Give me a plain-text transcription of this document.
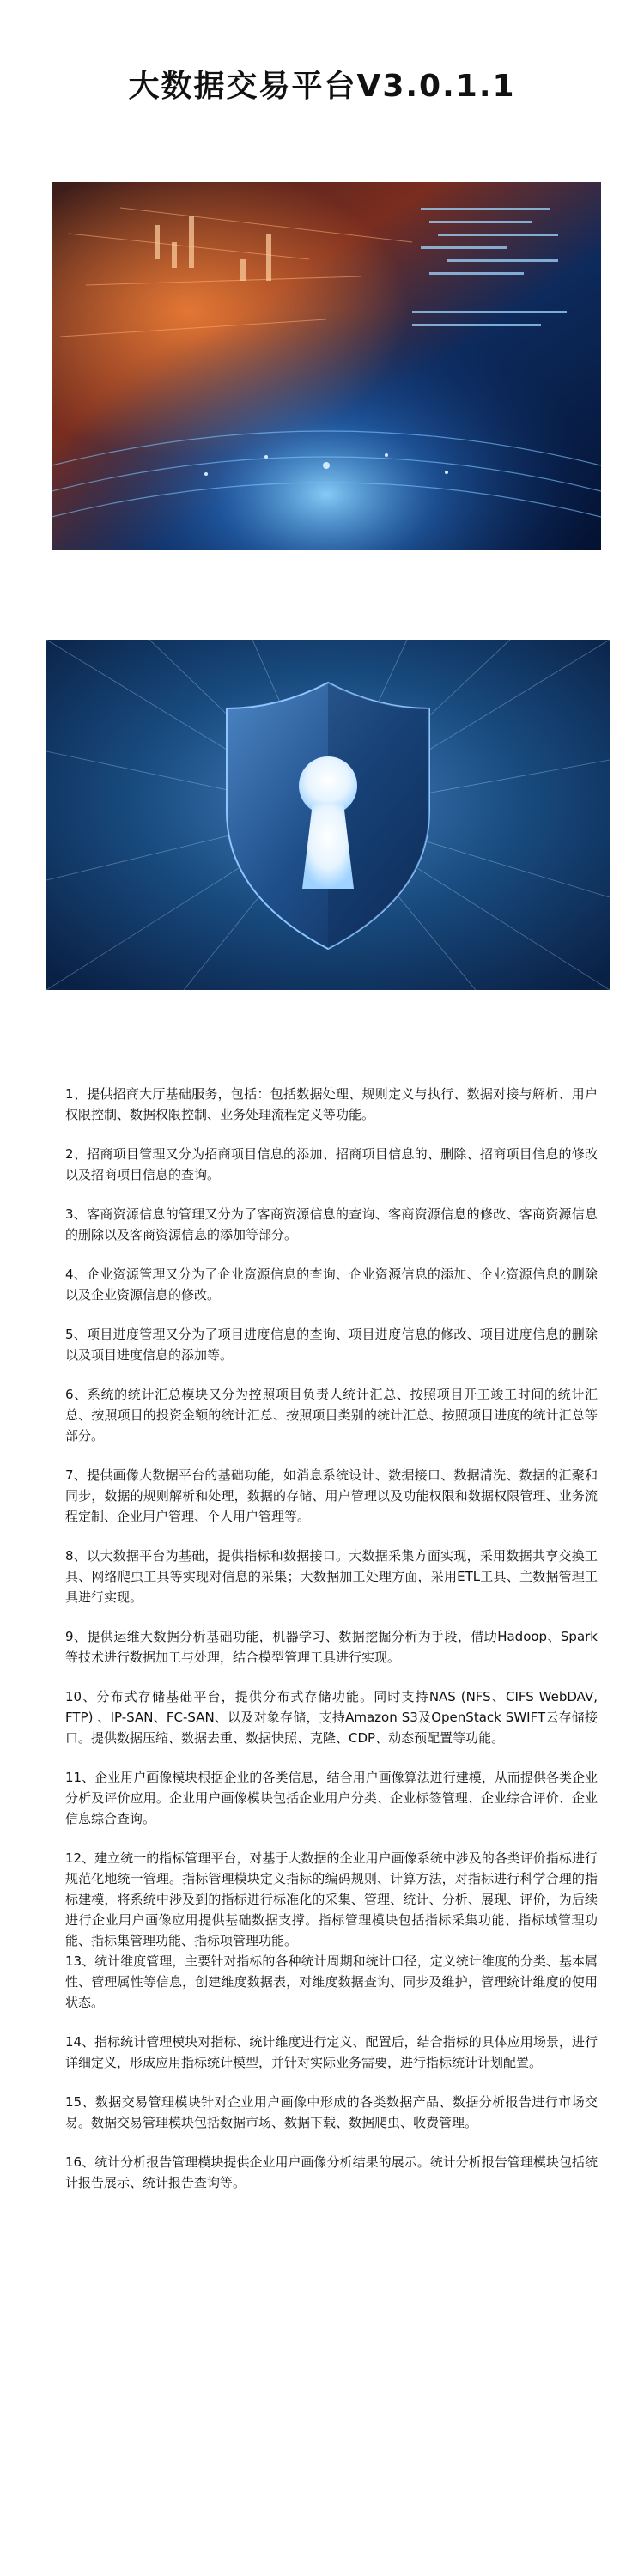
大数据交易平台V3.0.1.1

1、提供招商大厅基础服务，包括：包括数据处理、规则定义与执行、数据对接与解析、用户权限控制、数据权限控制、业务处理流程定义等功能。

2、招商项目管理又分为招商项目信息的添加、招商项目信息的、删除、招商项目信息的修改以及招商项目信息的查询。

3、客商资源信息的管理又分为了客商资源信息的查询、客商资源信息的修改、客商资源信息的删除以及客商资源信息的添加等部分。

4、企业资源管理又分为了企业资源信息的查询、企业资源信息的添加、企业资源信息的删除以及企业资源信息的修改。

5、项目进度管理又分为了项目进度信息的查询、项目进度信息的修改、项目进度信息的删除以及项目进度信息的添加等。

6、系统的统计汇总模块又分为控照项目负责人统计汇总、按照项目开工竣工时间的统计汇总、按照项目的投资金额的统计汇总、按照项目类别的统计汇总、按照项目进度的统计汇总等部分。

7、提供画像大数据平台的基础功能，如消息系统设计、数据接口、数据清洗、数据的汇聚和同步，数据的规则解析和处理，数据的存储、用户管理以及功能权限和数据权限管理、业务流程定制、企业用户管理、个人用户管理等。

8、以大数据平台为基础，提供指标和数据接口。大数据采集方面实现，采用数据共享交换工具、网络爬虫工具等实现对信息的采集；大数据加工处理方面，采用ETL工具、主数据管理工具进行实现。

9、提供运维大数据分析基础功能，机器学习、数据挖掘分析为手段，借助Hadoop、Spark等技术进行数据加工与处理，结合模型管理工具进行实现。

10、分布式存储基础平台，提供分布式存储功能。同时支持NAS (NFS、CIFS WebDAV, FTP) 、IP-SAN、FC-SAN、以及对象存储，支持Amazon S3及OpenStack SWIFT云存储接口。提供数据压缩、数据去重、数据快照、克隆、CDP、动态预配置等功能。

11、企业用户画像模块根据企业的各类信息，结合用户画像算法进行建模，从而提供各类企业分析及评价应用。企业用户画像模块包括企业用户分类、企业标签管理、企业综合评价、企业信息综合查询。

12、建立统一的指标管理平台，对基于大数据的企业用户画像系统中涉及的各类评价指标进行规范化地统一管理。指标管理模块定义指标的编码规则、计算方法，对指标进行科学合理的指标建模，将系统中涉及到的指标进行标准化的采集、管理、统计、分析、展现、评价，为后续进行企业用户画像应用提供基础数据支撑。指标管理模块包括指标采集功能、指标域管理功能、指标集管理功能、指标项管理功能。

13、统计维度管理，主要针对指标的各种统计周期和统计口径，定义统计维度的分类、基本属性、管理属性等信息，创建维度数据表，对维度数据查询、同步及维护，管理统计维度的使用状态。

14、指标统计管理模块对指标、统计维度进行定义、配置后，结合指标的具体应用场景，进行详细定义，形成应用指标统计模型，并针对实际业务需要，进行指标统计计划配置。

15、数据交易管理模块针对企业用户画像中形成的各类数据产品、数据分析报告进行市场交易。数据交易管理模块包括数据市场、数据下载、数据爬虫、收费管理。

16、统计分析报告管理模块提供企业用户画像分析结果的展示。统计分析报告管理模块包括统计报告展示、统计报告查询等。
